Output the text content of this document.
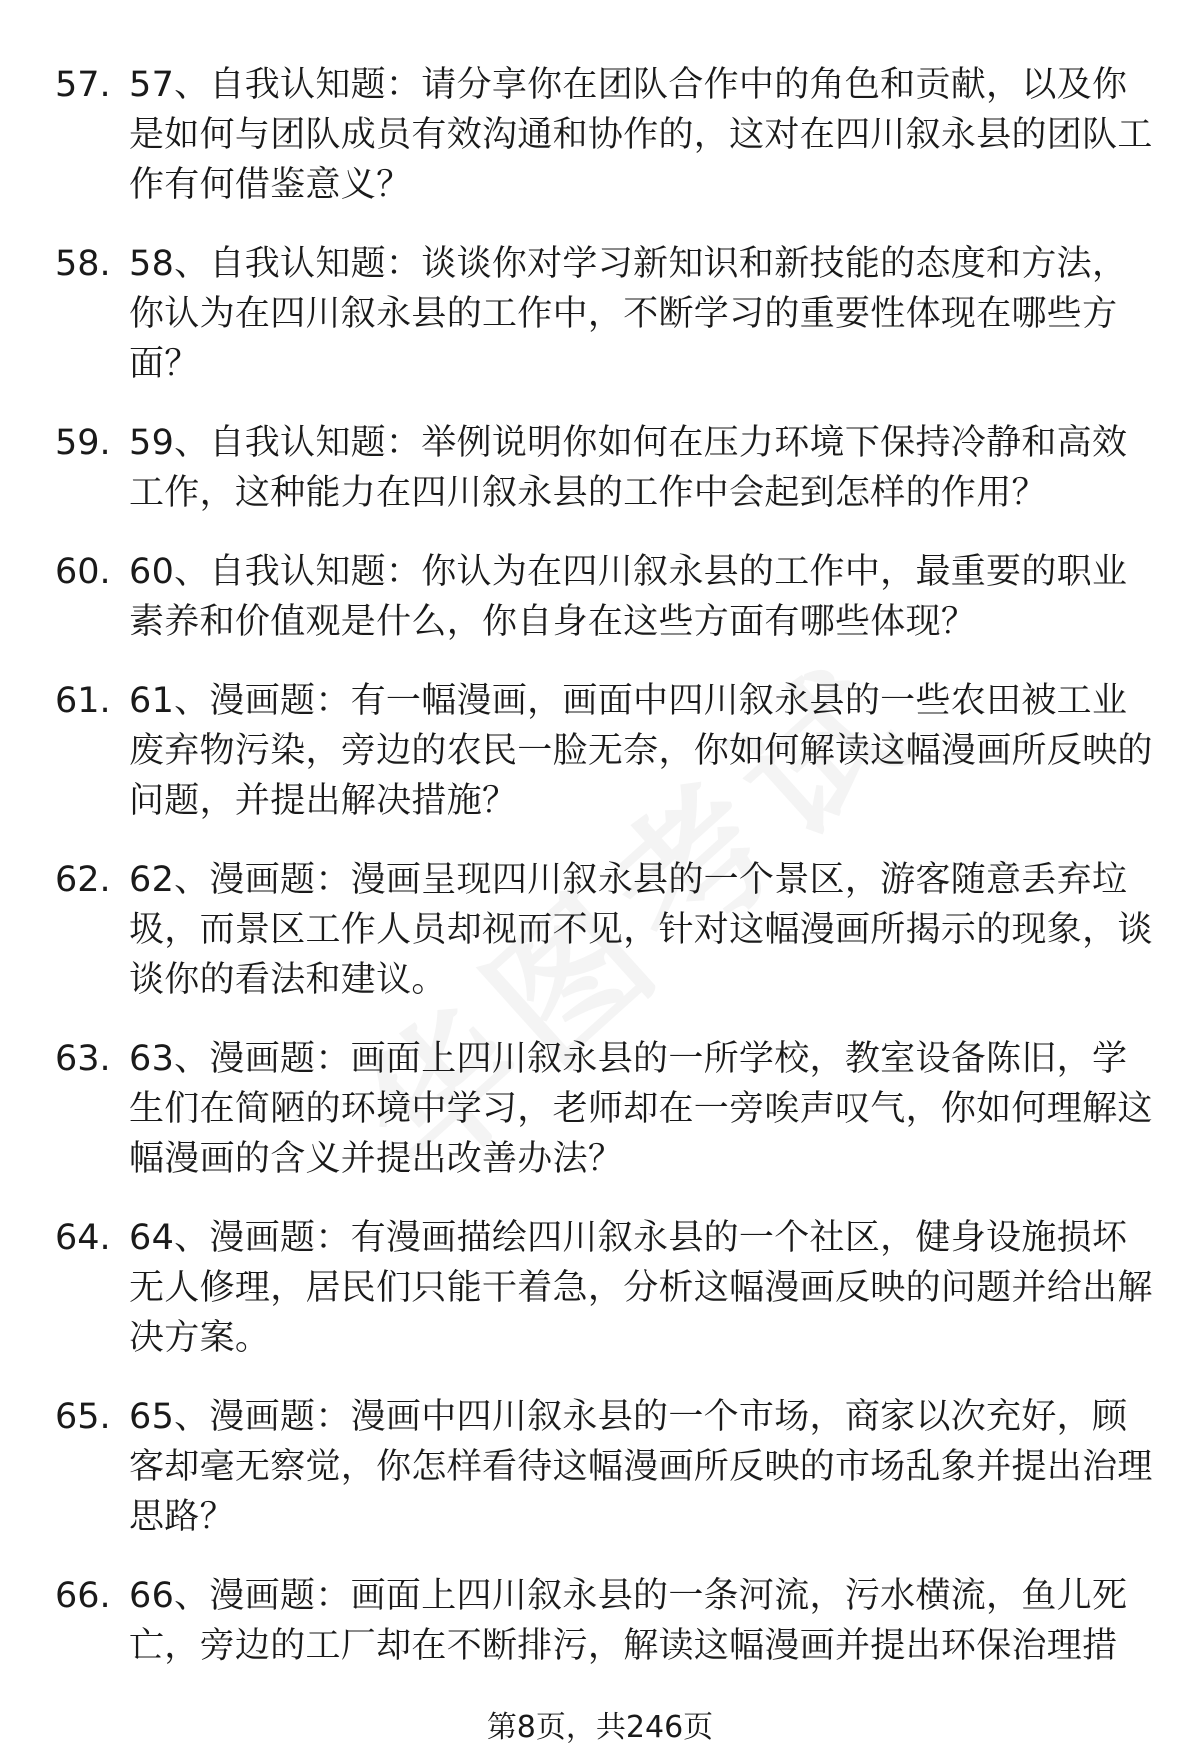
57. 57、自我认知题：请分享你在团队合作中的角色和贡献，以及你是如何与团队成员有效沟通和协作的，这对在四川叙永县的团队工作有何借鉴意义？
58. 58、自我认知题：谈谈你对学习新知识和新技能的态度和方法，你认为在四川叙永县的工作中，不断学习的重要性体现在哪些方面？
59. 59、自我认知题：举例说明你如何在压力环境下保持冷静和高效工作，这种能力在四川叙永县的工作中会起到怎样的作用？
60. 60、自我认知题：你认为在四川叙永县的工作中，最重要的职业素养和价值观是什么，你自身在这些方面有哪些体现？
61. 61、漫画题：有一幅漫画，画面中四川叙永县的一些农田被工业废弃物污染，旁边的农民一脸无奈，你如何解读这幅漫画所反映的问题，并提出解决措施？
62. 62、漫画题：漫画呈现四川叙永县的一个景区，游客随意丢弃垃圾，而景区工作人员却视而不见，针对这幅漫画所揭示的现象，谈谈你的看法和建议。
63. 63、漫画题：画面上四川叙永县的一所学校，教室设备陈旧，学生们在简陋的环境中学习，老师却在一旁唉声叹气，你如何理解这幅漫画的含义并提出改善办法？
64. 64、漫画题：有漫画描绘四川叙永县的一个社区，健身设施损坏无人修理，居民们只能干着急，分析这幅漫画反映的问题并给出解决方案。
65. 65、漫画题：漫画中四川叙永县的一个市场，商家以次充好，顾客却毫无察觉，你怎样看待这幅漫画所反映的市场乱象并提出治理思路？
66. 66、漫画题：画面上四川叙永县的一条河流，污水横流，鱼儿死亡，旁边的工厂却在不断排污，解读这幅漫画并提出环保治理措
第8页，共246页
